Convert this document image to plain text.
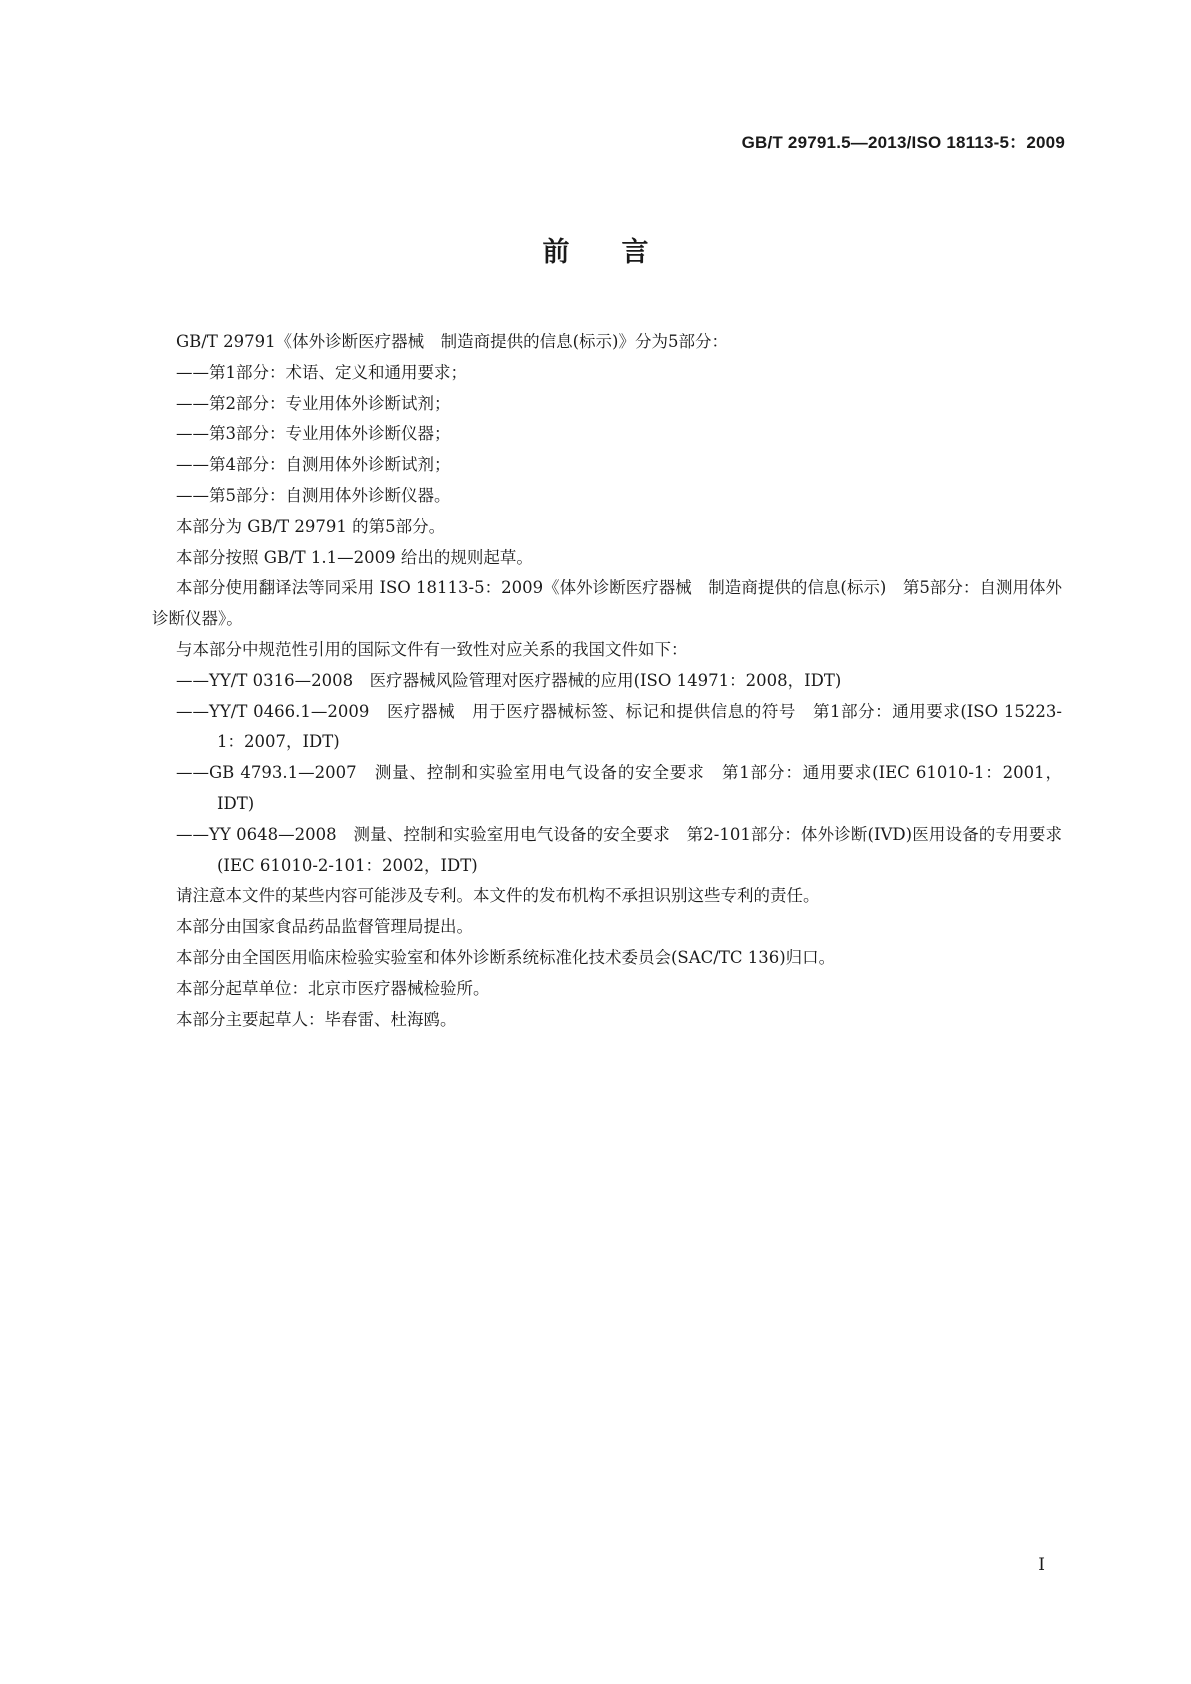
GB/T 29791.5—2013/ISO 18113-5：2009
前言

GB/T 29791《体外诊断医疗器械　制造商提供的信息(标示)》分为5部分：

——第1部分：术语、定义和通用要求；

——第2部分：专业用体外诊断试剂；

——第3部分：专业用体外诊断仪器；

——第4部分：自测用体外诊断试剂；

——第5部分：自测用体外诊断仪器。

本部分为 GB/T 29791 的第5部分。

本部分按照 GB/T 1.1—2009 给出的规则起草。

本部分使用翻译法等同采用 ISO 18113-5：2009《体外诊断医疗器械　制造商提供的信息(标示)　第5部分：自测用体外诊断仪器》。

与本部分中规范性引用的国际文件有一致性对应关系的我国文件如下：

——YY/T 0316—2008　医疗器械风险管理对医疗器械的应用(ISO 14971：2008，IDT)

——YY/T 0466.1—2009　医疗器械　用于医疗器械标签、标记和提供信息的符号　第1部分：通用要求(ISO 15223-1：2007，IDT)

——GB 4793.1—2007　测量、控制和实验室用电气设备的安全要求　第1部分：通用要求(IEC 61010-1：2001，IDT)

——YY 0648—2008　测量、控制和实验室用电气设备的安全要求　第2-101部分：体外诊断(IVD)医用设备的专用要求(IEC 61010-2-101：2002，IDT)

请注意本文件的某些内容可能涉及专利。本文件的发布机构不承担识别这些专利的责任。

本部分由国家食品药品监督管理局提出。

本部分由全国医用临床检验实验室和体外诊断系统标准化技术委员会(SAC/TC 136)归口。

本部分起草单位：北京市医疗器械检验所。

本部分主要起草人：毕春雷、杜海鸥。

I
